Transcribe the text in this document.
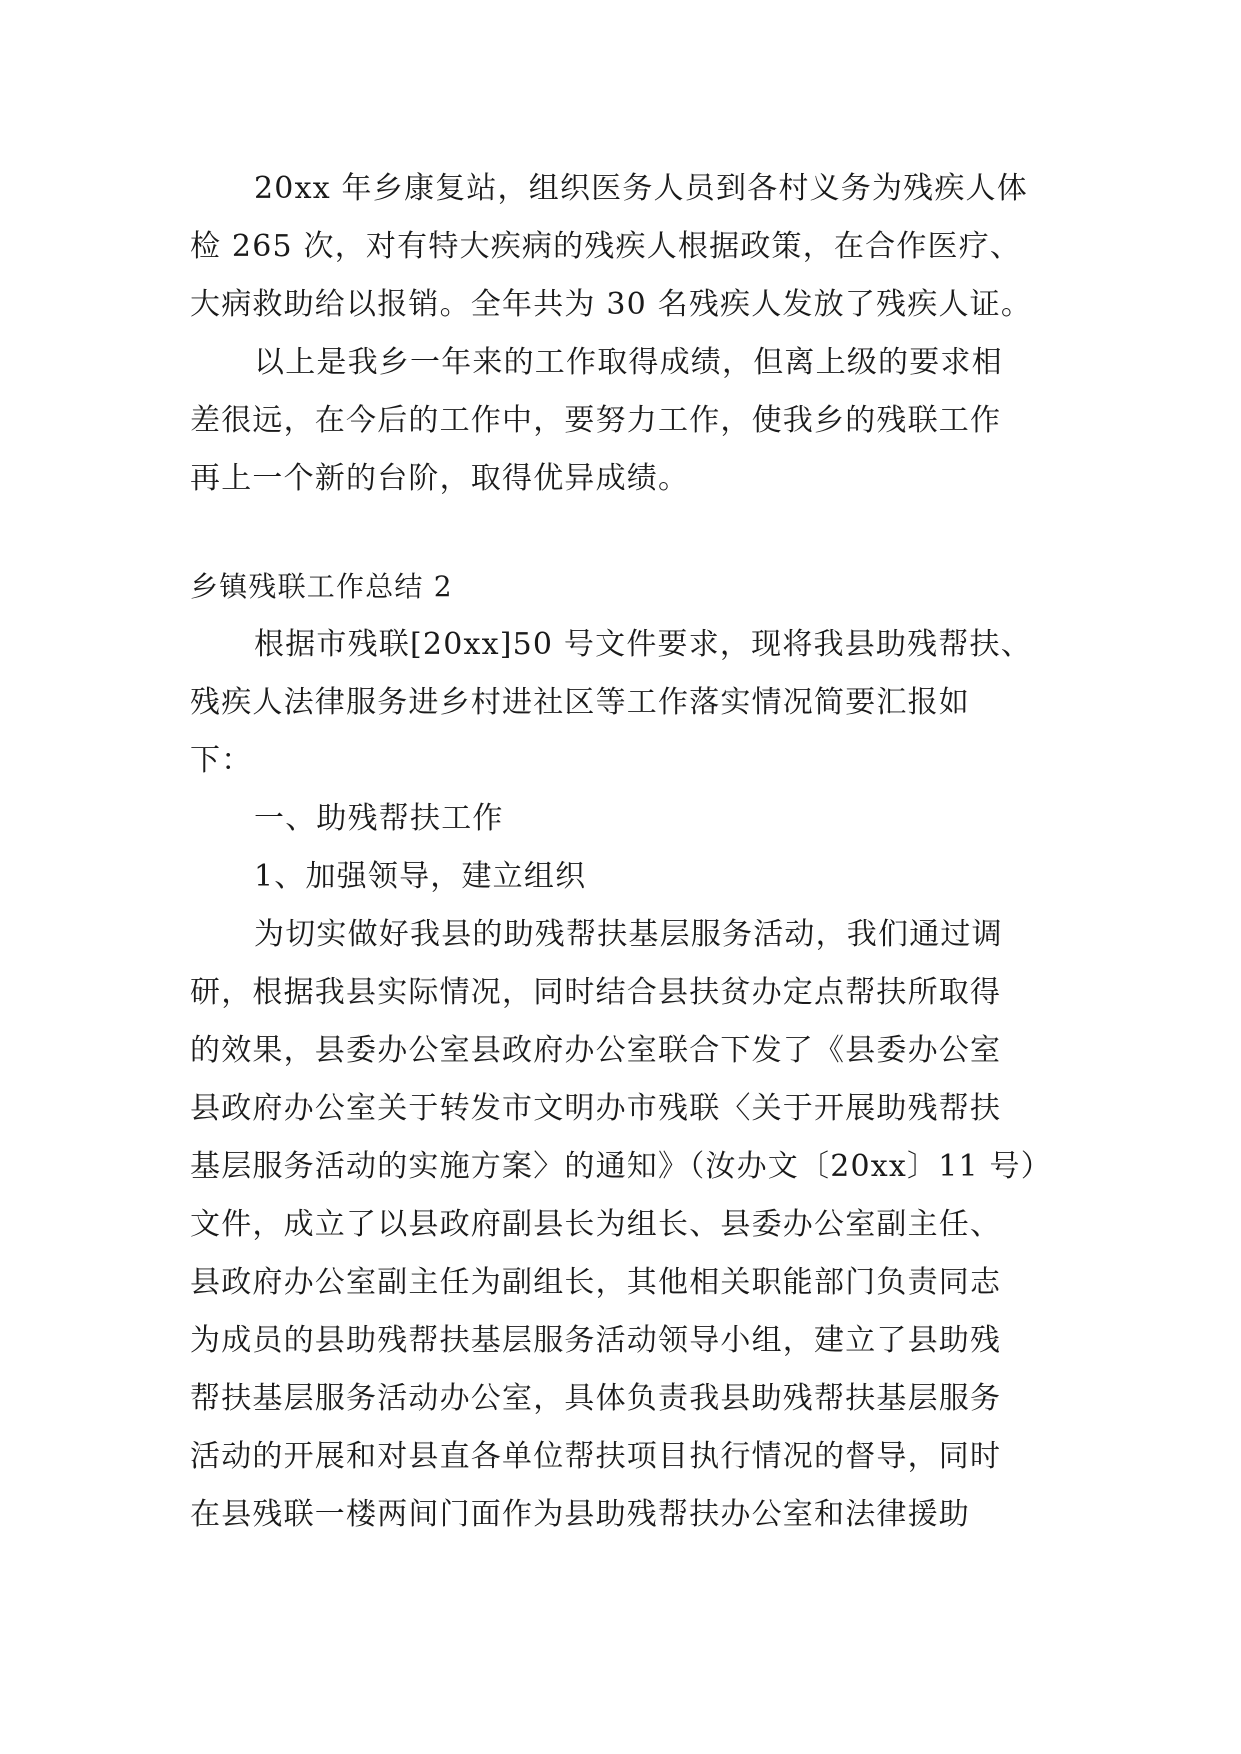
20xx 年乡康复站，组织医务人员到各村义务为残疾人体
检 265 次，对有特大疾病的残疾人根据政策，在合作医疗、
大病救助给以报销。全年共为 30 名残疾人发放了残疾人证。
以上是我乡一年来的工作取得成绩，但离上级的要求相
差很远，在今后的工作中，要努力工作，使我乡的残联工作
再上一个新的台阶，取得优异成绩。
乡镇残联工作总结 2
根据市残联[20xx]50 号文件要求，现将我县助残帮扶、
残疾人法律服务进乡村进社区等工作落实情况简要汇报如
下：
一、助残帮扶工作
1、加强领导，建立组织
为切实做好我县的助残帮扶基层服务活动，我们通过调
研，根据我县实际情况，同时结合县扶贫办定点帮扶所取得
的效果，县委办公室县政府办公室联合下发了《县委办公室
县政府办公室关于转发市文明办市残联〈关于开展助残帮扶
基层服务活动的实施方案〉的通知》（汝办文〔20xx〕11 号）
文件，成立了以县政府副县长为组长、县委办公室副主任、
县政府办公室副主任为副组长，其他相关职能部门负责同志
为成员的县助残帮扶基层服务活动领导小组，建立了县助残
帮扶基层服务活动办公室，具体负责我县助残帮扶基层服务
活动的开展和对县直各单位帮扶项目执行情况的督导，同时
在县残联一楼两间门面作为县助残帮扶办公室和法律援助
